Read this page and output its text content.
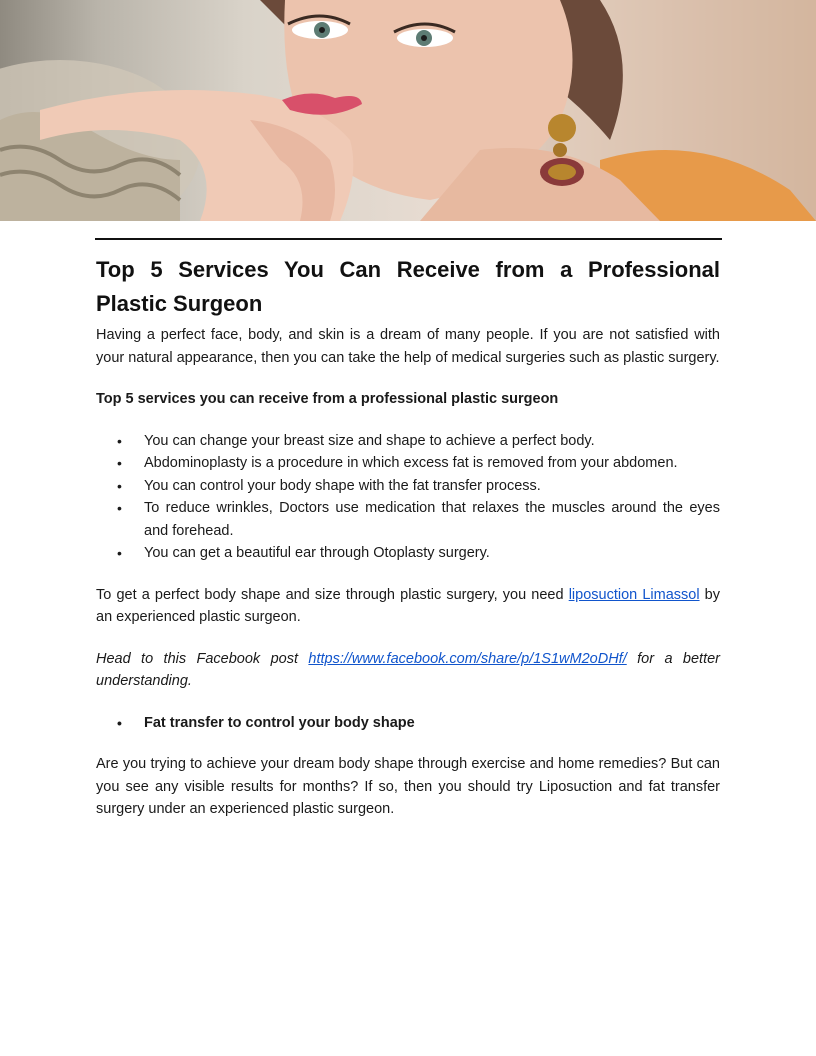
Top 5 Services You Can Receive from a Professional Plastic Surgeon

Having a perfect face, body, and skin is a dream of many people. If you are not satisfied with your natural appearance, then you can take the help of medical surgeries such as plastic surgery.

Top 5 services you can receive from a professional plastic surgeon

• You can change your breast size and shape to achieve a perfect body.
• Abdominoplasty is a procedure in which excess fat is removed from your abdomen.
• You can control your body shape with the fat transfer process.
• To reduce wrinkles, Doctors use medication that relaxes the muscles around the eyes and forehead.
• You can get a beautiful ear through Otoplasty surgery.

To get a perfect body shape and size through plastic surgery, you need liposuction Limassol by an experienced plastic surgeon.

Head to this Facebook post https://www.facebook.com/share/p/1S1wM2oDHf/ for a better understanding.

• Fat transfer to control your body shape

Are you trying to achieve your dream body shape through exercise and home remedies? But can you see any visible results for months? If so, then you should try Liposuction and fat transfer surgery under an experienced plastic surgeon.
